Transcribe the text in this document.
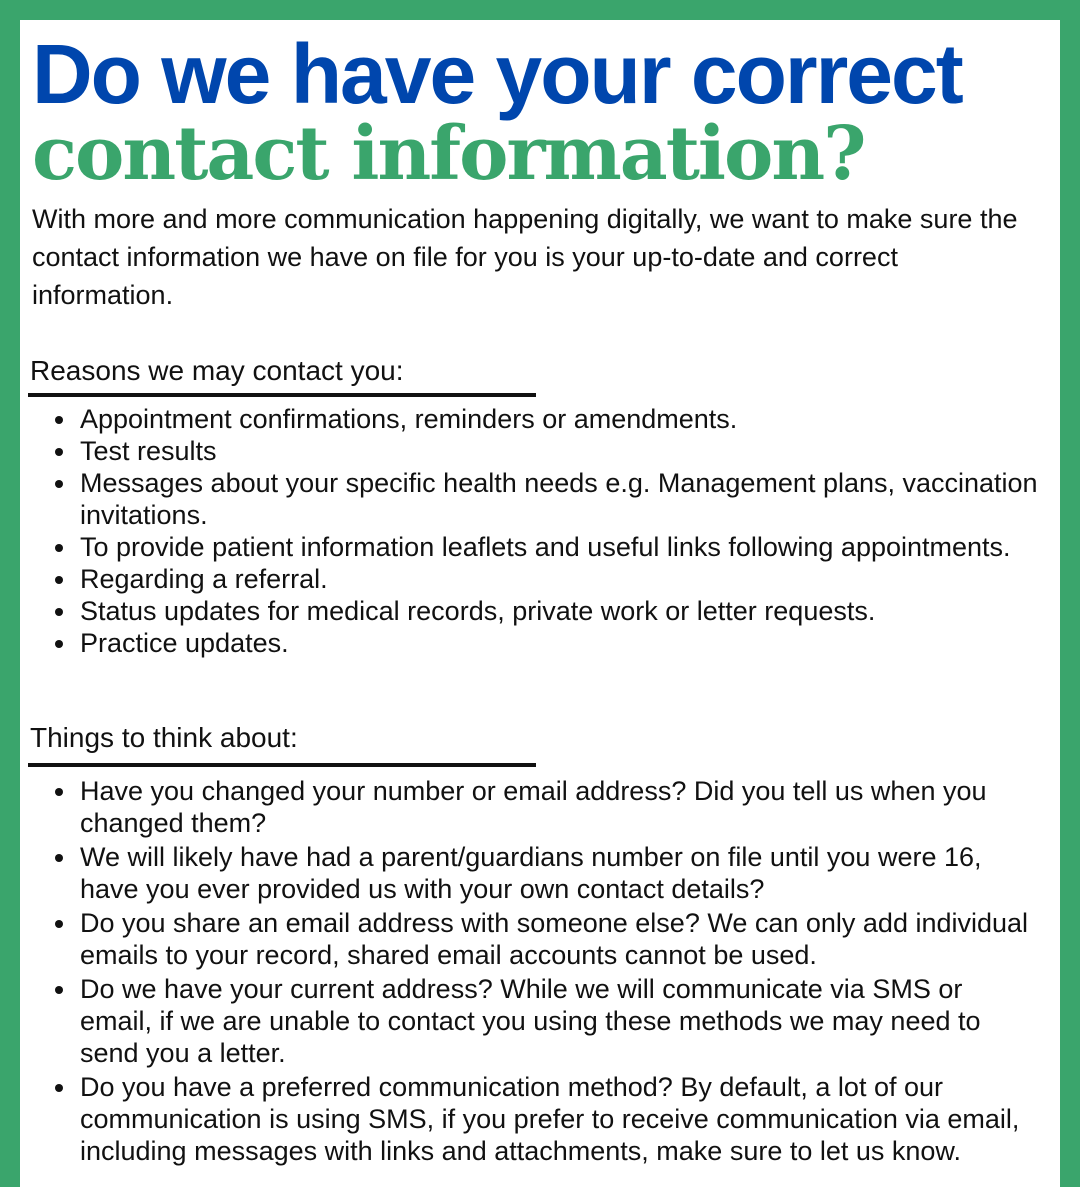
Do we have your correct
contact information?

With more and more communication happening digitally, we want to make sure the contact information we have on file for you is your up-to-date and correct information.

Reasons we may contact you:
Appointment confirmations, reminders or amendments.
Test results
Messages about your specific health needs e.g. Management plans, vaccination invitations.
To provide patient information leaflets and useful links following appointments.
Regarding a referral.
Status updates for medical records, private work or letter requests.
Practice updates.
Things to think about:
Have you changed your number or email address? Did you tell us when you changed them?
We will likely have had a parent/guardians number on file until you were 16, have you ever provided us with your own contact details?
Do you share an email address with someone else? We can only add individual emails to your record, shared email accounts cannot be used.
Do we have your current address? While we will communicate via SMS or email, if we are unable to contact you using these methods we may need to send you a letter.
Do you have a preferred communication method? By default, a lot of our communication is using SMS, if you prefer to receive communication via email, including messages with links and attachments, make sure to let us know.
